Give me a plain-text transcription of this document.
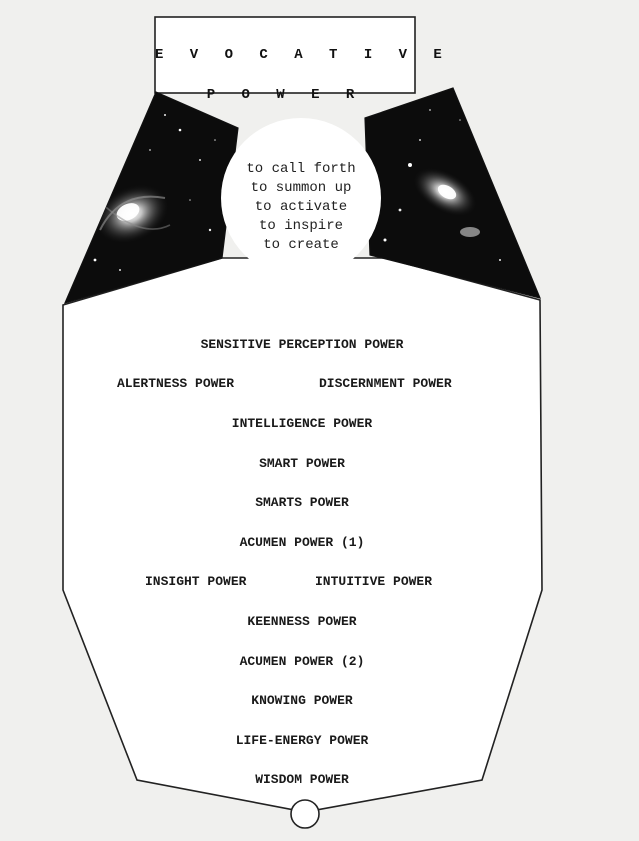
E V O C A T I V E
P O W E R
to call forth
to summon up
to activate
to inspire
to create
SENSITIVE PERCEPTION POWER
ALERTNESS POWER	DISCERNMENT POWER
INTELLIGENCE POWER
SMART POWER
SMARTS POWER
ACUMEN POWER (1)
INSIGHT POWER	INTUITIVE POWER
KEENNESS POWER
ACUMEN POWER (2)
KNOWING POWER
LIFE-ENERGY POWER
WISDOM POWER
